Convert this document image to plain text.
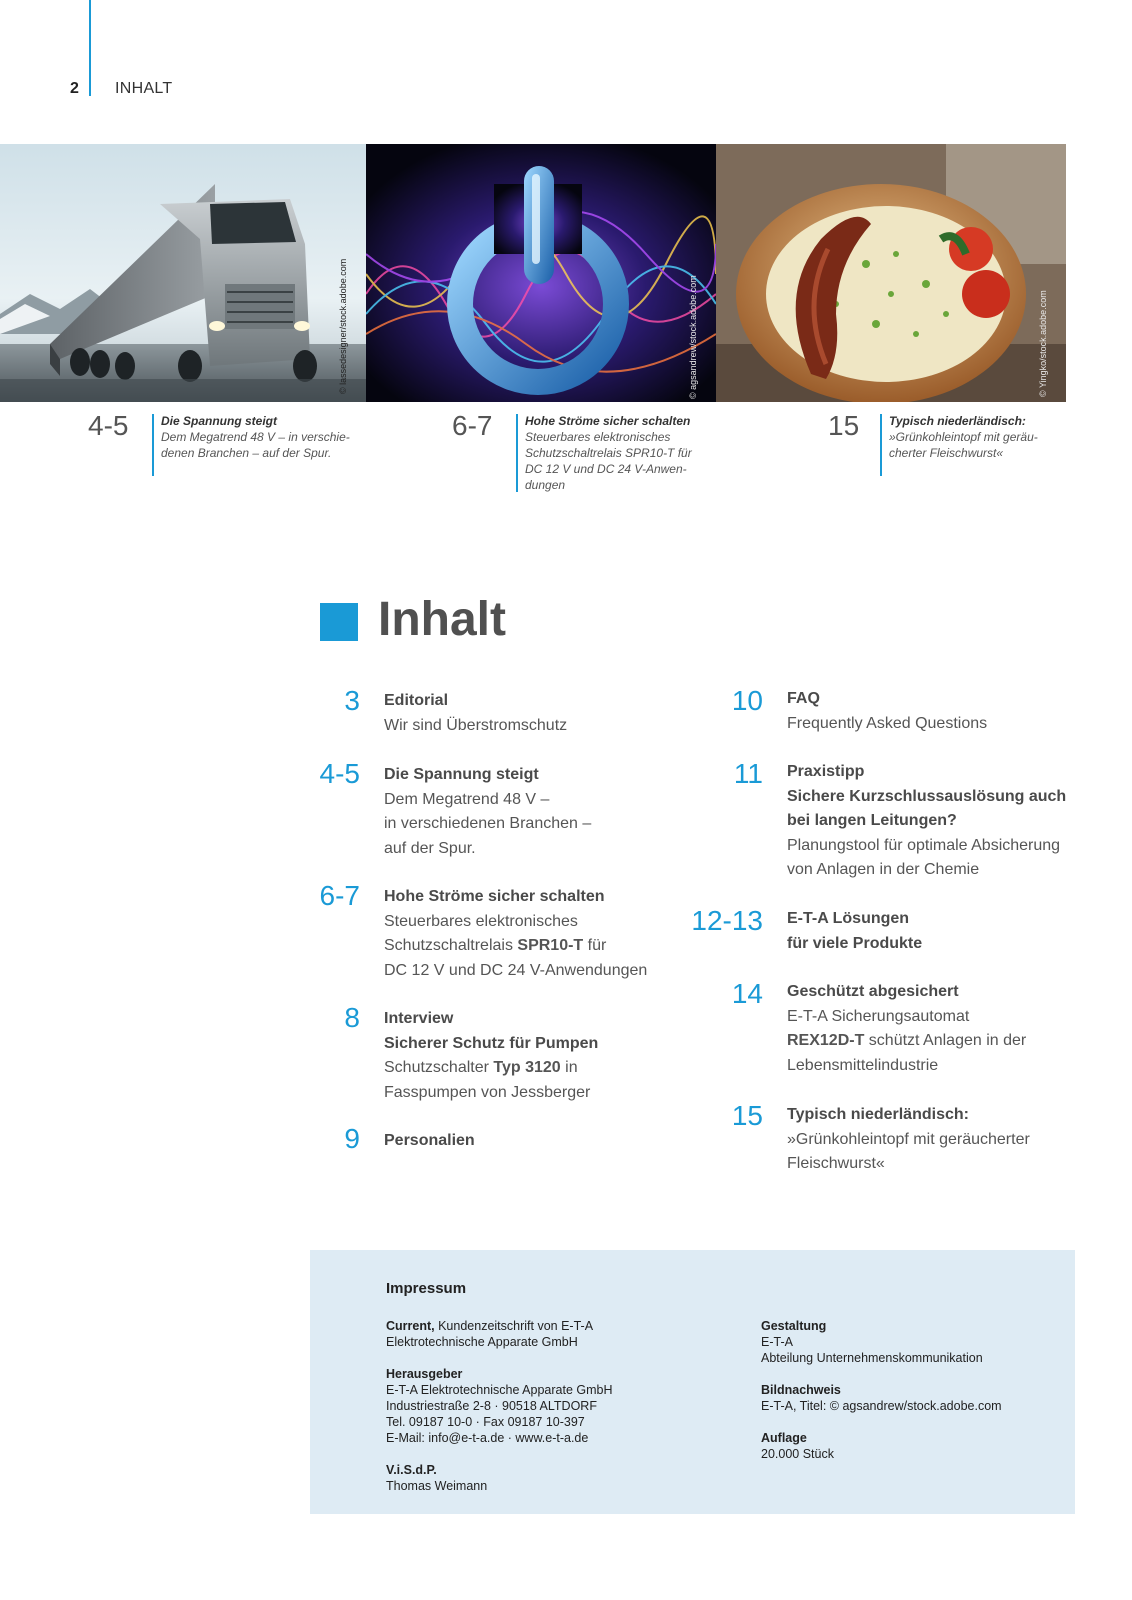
2 INHALT
© lassedesigner/stock.adobe.com	© agsandrew/stock.adobe.com	© Yingko/stock.adobe.com
4-5	Die Spannung steigt
Dem Megatrend 48 V – in verschie-
denen Branchen – auf der Spur.
6-7	Hohe Ströme sicher schalten
Steuerbares elektronisches
Schutzschaltrelais SPR10-T für
DC 12 V und DC 24 V-Anwen-
dungen
15 Typisch niederländisch:
»Grünkohleintopf mit geräu-
cherter Fleischwurst«
Inhalt
3 Editorial
Wir sind Überstromschutz
4-5 Die Spannung steigt
Dem Megatrend 48 V –
in verschiedenen Branchen –
auf der Spur.
6-7 Hohe Ströme sicher schalten
Steuerbares elektronisches
Schutzschaltrelais SPR10-T für
DC 12 V und DC 24 V-Anwendungen
8 Interview
Sicherer Schutz für Pumpen
Schutzschalter Typ 3120 in
Fasspumpen von Jessberger
9 Personalien
10 FAQ
Frequently Asked Questions
11 Praxistipp
Sichere Kurzschlussauslösung auch
bei langen Leitungen?
Planungstool für optimale Absicherung
von Anlagen in der Chemie
12-13 E-T-A Lösungen
für viele Produkte
14 Geschützt abgesichert
E-T-A Sicherungsautomat
REX12D-T schützt Anlagen in der
Lebensmittelindustrie
15 Typisch niederländisch:
»Grünkohleintopf mit geräucherter
Fleischwurst«
Impressum
Current, Kundenzeitschrift von E-T-A
Elektrotechnische Apparate GmbH
Herausgeber
E-T-A Elektrotechnische Apparate GmbH
Industriestraße 2-8 · 90518 ALTDORF
Tel. 09187 10-0 · Fax 09187 10-397
E-Mail: info@e-t-a.de · www.e-t-a.de
V.i.S.d.P.
Thomas Weimann
Gestaltung
E-T-A
Abteilung Unternehmenskommunikation
Bildnachweis
E-T-A, Titel: © agsandrew/stock.adobe.com
Auflage
20.000 Stück
